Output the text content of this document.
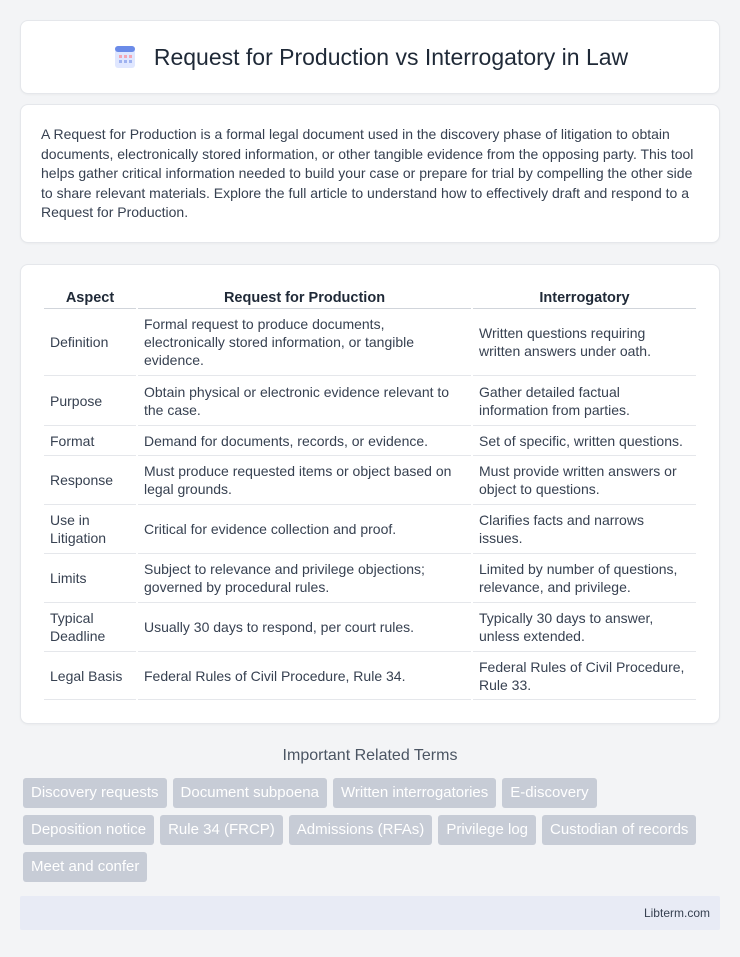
Request for Production vs Interrogatory in Law

A Request for Production is a formal legal document used in the discovery phase of litigation to obtain documents, electronically stored information, or other tangible evidence from the opposing party. This tool helps gather critical information needed to build your case or prepare for trial by compelling the other side to share relevant materials. Explore the full article to understand how to effectively draft and respond to a Request for Production.

Aspect	Request for Production	Interrogatory
Definition	Formal request to produce documents, electronically stored information, or tangible evidence.	Written questions requiring written answers under oath.
Purpose	Obtain physical or electronic evidence relevant to the case.	Gather detailed factual information from parties.
Format	Demand for documents, records, or evidence.	Set of specific, written questions.
Response	Must produce requested items or object based on legal grounds.	Must provide written answers or object to questions.
Use in Litigation	Critical for evidence collection and proof.	Clarifies facts and narrows issues.
Limits	Subject to relevance and privilege objections; governed by procedural rules.	Limited by number of questions, relevance, and privilege.
Typical Deadline	Usually 30 days to respond, per court rules.	Typically 30 days to answer, unless extended.
Legal Basis	Federal Rules of Civil Procedure, Rule 34.	Federal Rules of Civil Procedure, Rule 33.
Important Related Terms
Discovery requests	Document subpoena	Written interrogatories	E-discovery
Deposition notice	Rule 34 (FRCP)	Admissions (RFAs)	Privilege log	Custodian of records
Meet and confer
Libterm.com
